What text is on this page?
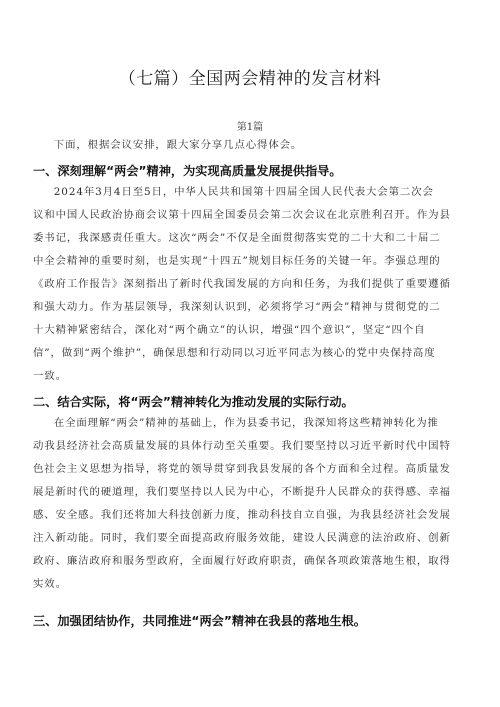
（七篇）全国两会精神的发言材料
第1篇
下面，根据会议安排，跟大家分享几点心得体会。
一、深刻理解“两会”精神，为实现高质量发展提供指导。
2024年3月4日至5日，中华人民共和国第十四届全国人民代表大会第二次会
议和中国人民政治协商会议第十四届全国委员会第二次会议在北京胜利召开。作为县
委书记，我深感责任重大。这次“两会”不仅是全面贯彻落实党的二十大和二十届二
中全会精神的重要时刻，也是实现“十四五”规划目标任务的关键一年。李强总理的
《政府工作报告》深刻指出了新时代我国发展的方向和任务，为我们提供了重要遵循
和强大动力。作为基层领导，我深刻认识到，必须将学习“两会”精神与贯彻党的二
十大精神紧密结合，深化对“两个确立”的认识，增强“四个意识”，坚定“四个自
信”，做到“两个维护”，确保思想和行动同以习近平同志为核心的党中央保持高度
一致。
二、结合实际，将“两会”精神转化为推动发展的实际行动。
在全面理解“两会”精神的基础上，作为县委书记，我深知将这些精神转化为推
动我县经济社会高质量发展的具体行动至关重要。我们要坚持以习近平新时代中国特
色社会主义思想为指导，将党的领导贯穿到我县发展的各个方面和全过程。高质量发
展是新时代的硬道理，我们要坚持以人民为中心，不断提升人民群众的获得感、幸福
感、安全感。我们还将加大科技创新力度，推动科技自立自强，为我县经济社会发展
注入新动能。同时，我们要全面提高政府服务效能，建设人民满意的法治政府、创新
政府、廉洁政府和服务型政府，全面履行好政府职责，确保各项政策落地生根，取得
实效。
三、加强团结协作，共同推进“两会”精神在我县的落地生根。
